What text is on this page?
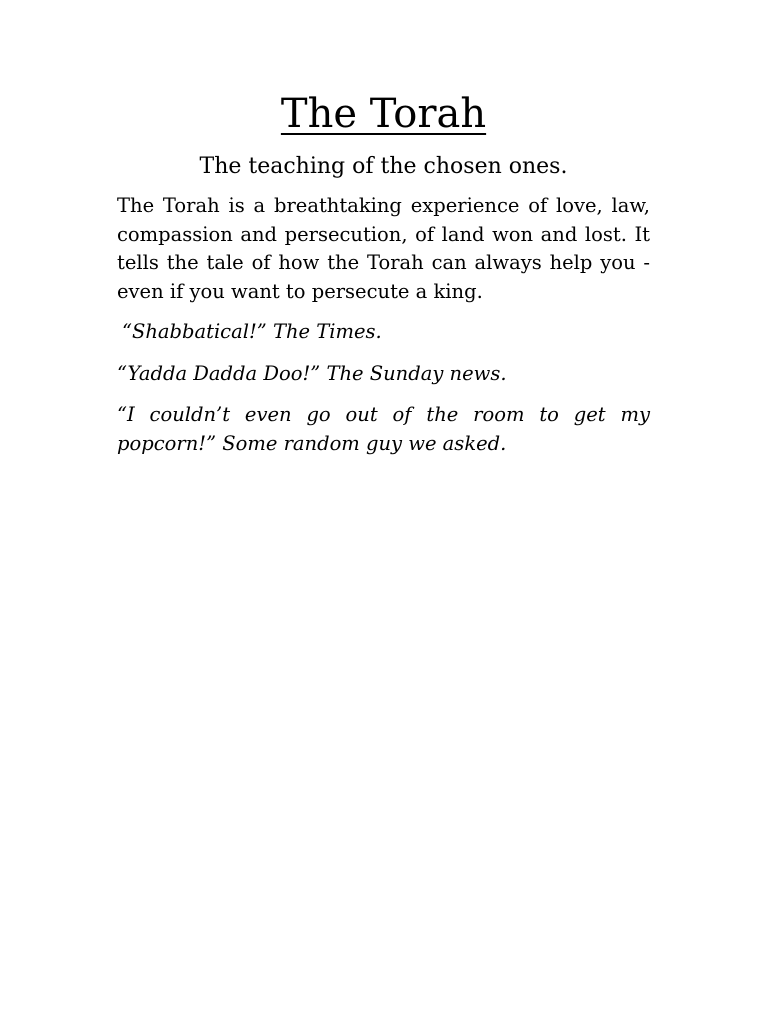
The Torah

The teaching of the chosen ones.

The Torah is a breathtaking experience of love, law, compassion and persecution, of land won and lost. It tells the tale of how the Torah can always help you - even if you want to persecute a king.

“Shabbatical!” The Times.

“Yadda Dadda Doo!” The Sunday news.

“I couldn’t even go out of the room to get my popcorn!” Some random guy we asked.
